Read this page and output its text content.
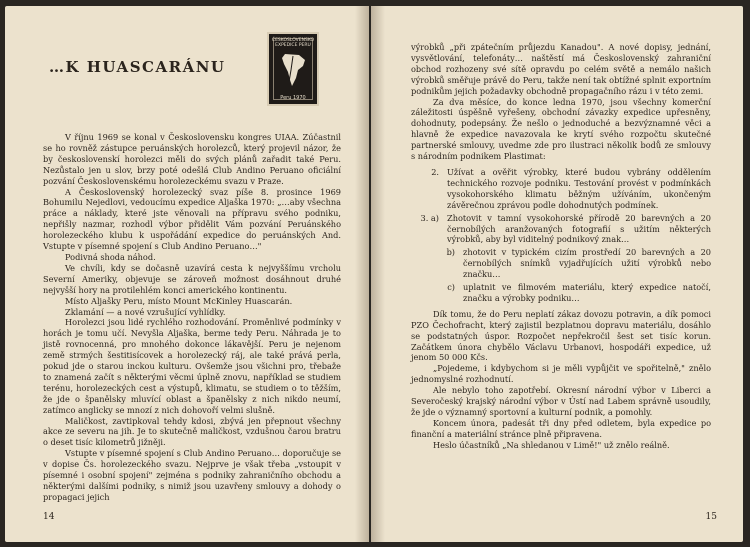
…K HUASCARÁNU
ČESKOSLOVENSKO
EXPEDICE PERU
Peru 1970

V říjnu 1969 se konal v Československu kongres UIAA. Zúčastnil se ho rovněž zástupce peruánských horolezců, který projevil názor, že by československí horolezci měli do svých plánů zařadit také Peru. Nezůstalo jen u slov, brzy poté odešlá Club Andino Peruano oficiální pozvání Československému horolezeckému svazu v Praze.

A Československý horolezecký svaz píše 8. prosince 1969 Bohumilu Nejedlovi, vedoucímu expedice Aljaška 1970: „…aby všechna práce a náklady, které jste věnovali na přípravu svého podniku, nepřišly nazmar, rozhodl výbor přidělit Vám pozvání Peruánského horolezeckého klubu k uspořádání expedice do peruánských And. Vstupte v písemné spojení s Club Andino Peruano…"

Podivná shoda náhod.

Ve chvíli, kdy se dočasně uzavírá cesta k nejvyššímu vrcholu Severní Ameriky, objevuje se zároveň možnost dosáhnout druhé nejvyšší hory na protilehlém konci amerického kontinentu.

Místo Aljašky Peru, místo Mount McKinley Huascarán.

Zklamání — a nové vzrušující vyhlídky.

Horolezci jsou lidé rychlého rozhodování. Proměnlivé podmínky v horách je tomu učí. Nevyšla Aljaška, berme tedy Peru. Náhrada je to jistě rovnocenná, pro mnohého dokonce lákavější. Peru je nejenom země strmých šestitisícovek a horolezecký ráj, ale také prává perla, pokud jde o starou inckou kulturu. Ovšemže jsou všichni pro, třebaže to znamená začít s některými věcmi úplně znovu, například se studiem terénu, horolezeckých cest a výstupů, klimatu, se studiem o to těžším, že jde o španělsky mluvící oblast a španělsky z nich nikdo neumí, zatímco anglicky se mnozí z nich dohovoří velmi slušně.

Maličkost, zavtipkoval tehdy kdosi, zbývá jen přepnout všechny akce ze severu na jih. Je to skutečně maličkost, vzdušnou čarou bratru o deset tisíc kilometrů jižněji.

Vstupte v písemné spojení s Club Andino Peruano… doporučuje se v dopise Čs. horolezeckého svazu. Nejprve je však třeba „vstoupit v písemné i osobní spojení" zejména s podniky zahraničního obchodu a některými dalšími podniky, s nimiž jsou uzavřeny smlouvy a dohody o propagaci jejich

14

výrobků „při zpátečním průjezdu Kanadou". A nové dopisy, jednání, vysvětlování, telefonáty… naštěstí má Československý zahraniční obchod rozhozeny své sítě opravdu po celém světě a nemálo našich výrobků směřuje právě do Peru, takže není tak obtížné splnit exportním podnikům jejich požadavky obchodně propagačního rázu i v této zemi.

Za dva měsíce, do konce ledna 1970, jsou všechny komerční záležitosti úspěšně vyřešeny, obchodní závazky expedice upřesněny, dohodnuty, podepsány. Že nešlo o jednoduché a bezvýznamné věci a hlavně že expedice navazovala ke krytí svého rozpočtu skutečné partnerské smlouvy, uvedme zde pro ilustraci několik bodů ze smlouvy s národním podnikem Plastimat:

2. Užívat a ověřit výrobky, které budou vybrány oddělením technického rozvoje podniku. Testování provést v podmínkách vysokohorského klimatu běžným užíváním, ukončeným závěrečnou zprávou podle dohodnutých podmínek.
3. a) Zhotovit v tamní vysokohorské přírodě 20 barevných a 20 černobílých aranžovaných fotografií s užitím některých výrobků, aby byl viditelný podnikový znak…
b) zhotovit v typickém cizím prostředí 20 barevných a 20 černobílých snímků vyjadřujících užití výrobků nebo značku…
c) uplatnit ve filmovém materiálu, který expedice natočí, značku a výrobky podniku…

Dík tomu, že do Peru neplatí zákaz dovozu potravin, a dík pomoci PZO Čechofracht, který zajistil bezplatnou dopravu materiálu, dosáhlo se podstatných úspor. Rozpočet nepřekročil šest set tisíc korun. Začátkem února chybělo Václavu Urbanovi, hospodáři expedice, už jenom 50 000 Kčs.

„Pojedeme, i kdybychom si je měli vypůjčit ve spořitelně," znělo jednomyslné rozhodnutí.

Ale nebylo toho zapotřebí. Okresní národní výbor v Liberci a Severočeský krajský národní výbor v Ústí nad Labem správně usoudily, že jde o významný sportovní a kulturní podnik, a pomohly.

Koncem února, padesát tři dny před odletem, byla expedice po finanční a materiální stránce plně připravena.

Heslo účastníků „Na shledanou v Limě!" už znělo reálně.

15
